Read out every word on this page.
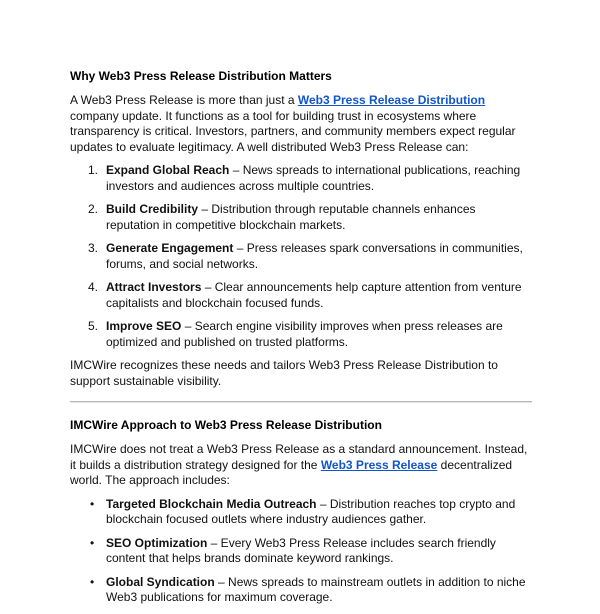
Why Web3 Press Release Distribution Matters

A Web3 Press Release is more than just a Web3 Press Release Distribution company update. It functions as a tool for building trust in ecosystems where transparency is critical. Investors, partners, and community members expect regular updates to evaluate legitimacy. A well distributed Web3 Press Release can:

1. Expand Global Reach – News spreads to international publications, reaching investors and audiences across multiple countries.
2. Build Credibility – Distribution through reputable channels enhances reputation in competitive blockchain markets.
3. Generate Engagement – Press releases spark conversations in communities, forums, and social networks.
4. Attract Investors – Clear announcements help capture attention from venture capitalists and blockchain focused funds.
5. Improve SEO – Search engine visibility improves when press releases are optimized and published on trusted platforms.

IMCWire recognizes these needs and tailors Web3 Press Release Distribution to support sustainable visibility.

IMCWire Approach to Web3 Press Release Distribution

IMCWire does not treat a Web3 Press Release as a standard announcement. Instead, it builds a distribution strategy designed for the Web3 Press Release decentralized world. The approach includes:

• Targeted Blockchain Media Outreach – Distribution reaches top crypto and blockchain focused outlets where industry audiences gather.
• SEO Optimization – Every Web3 Press Release includes search friendly content that helps brands dominate keyword rankings.
• Global Syndication – News spreads to mainstream outlets in addition to niche Web3 publications for maximum coverage.
